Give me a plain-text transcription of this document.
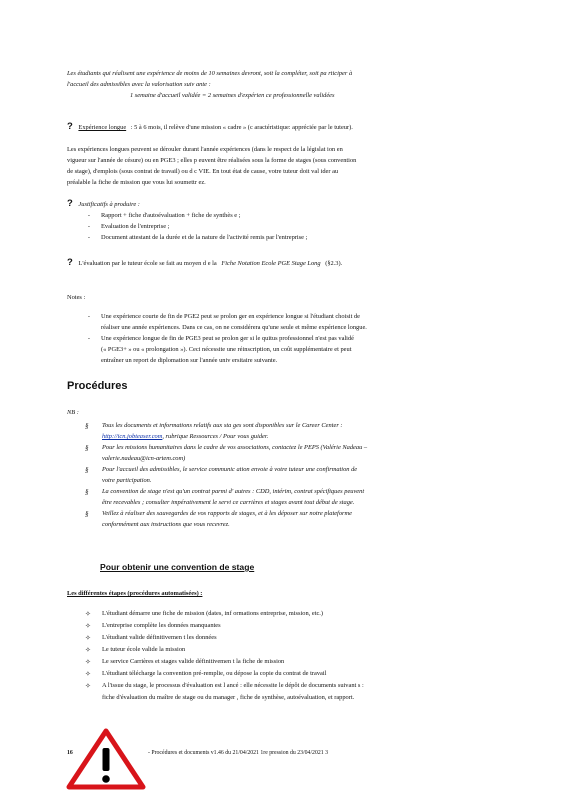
Les étudiants qui réalisent une expérience de moins de 10 semaines devront, soit la compléter, soit pa rticiper à
l'accueil des admissibles avec la valorisation suiv ante :
1 semaine d'accueil validée = 2 semaines d'expérien ce professionnelle validées
? Expérience longue : 5 à 6 mois, il relève d'une mission « cadre » (c aractéristique: appréciée par le tuteur).
Les expériences longues peuvent se dérouler durant l'année expériences (dans le respect de la législat ion en
vigueur sur l'année de césure) ou en PGE3 ; elles p euvent être réalisées sous la forme de stages (sous convention
de stage), d'emplois (sous contrat de travail) ou d c VIE. En tout état de cause, votre tuteur doit val ider au
préalable la fiche de mission que vous lui soumettr ez.
? Justificatifs à produire :
-	Rapport + fiche d'autoévaluation + fiche de synthès e ;
-	Evaluation de l'entreprise ;
-	Document attestant de la durée et de la nature de l'activité remis par l'entreprise ;
? L'évaluation par le tuteur école se fait au moyen d e la Fiche Notation Ecole PGE Stage Long (§2.3).
Notes :
-	Une expérience courte de fin de PGE2 peut se prolon ger en expérience longue si l'étudiant choisit de
réaliser une année expériences. Dans ce cas, on ne considérera qu'une seule et même expérience longue.
-	Une expérience longue de fin de PGE3 peut se prolon ger si le quitus professionnel n'est pas validé
(« PGE3+ » ou « prolongation »). Ceci nécessite une réinscription, un coût supplémentaire et peut
entraîner un report de diplomation sur l'année univ ersitaire suivante.
Procédures
NB :
§	Tous les documents et informations relatifs aux sta ges sont disponibles sur le Career Center :
http://icn.jobteaser.com, rubrique Ressources / Pour vous guider.
§	Pour les missions humanitaires dans le cadre de vos associations, contactez le PEPS (Valérie Nadeau –
valerie.nadeau@icn-artem.com)
§	Pour l'accueil des admissibles, le service communic ation envoie à votre tuteur une confirmation de
votre participation.
§	La convention de stage n'est qu'un contrat parmi d' autres : CDD, intérim, contrat spécifiques peuvent
être recevables ; consulter impérativement le servi ce carrières et stages avant tout début de stage.
§	Veillez à réaliser des sauvegardes de vos rapports de stages, et à les déposer sur notre plateforme
conformément aux instructions que vous recevrez.
Pour obtenir une convention de stage
Les différentes étapes (procédures automatisées) :
✧	L'étudiant démarre une fiche de mission (dates, inf ormations entreprise, mission, etc.)
✧	L'entreprise complète les données manquantes
✧	L'étudiant valide définitivemen t les données
✧	Le tuteur école valide la mission
✧	Le service Carrières et stages valide définitivemen t la fiche de mission
✧	L'étudiant télécharge la convention pré-remplie, ou dépose la copie du contrat de travail
✧	A l'issue du stage, le processus d'évaluation est l ancé : elle nécessite le dépôt de documents suivant s :
fiche d'évaluation du maître de stage ou du manager , fiche de synthèse, autoévaluation, et rapport.
16	- Procédures et documents v1.46 du 21/04/2021 1re pression du 23/04/2021 3
